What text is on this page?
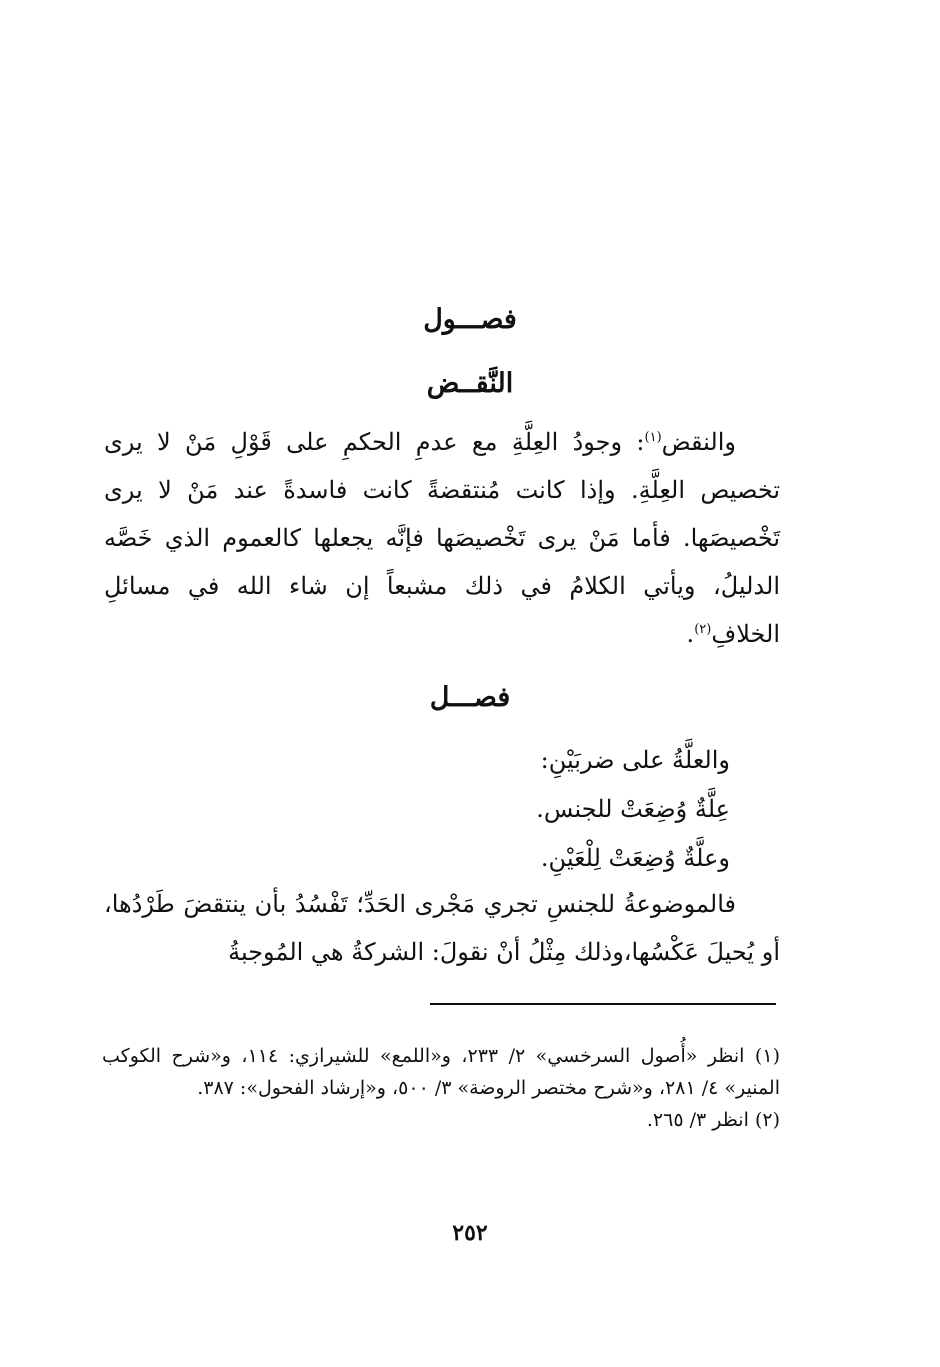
فصـــول
النَّقــض

والنقض$^{(١)}$: وجودُ العِلَّةِ مع عدمِ الحكمِ على قَوْلِ مَنْ لا يرى تخصيص العِلَّةِ. وإذا كانت مُنتقضةً كانت فاسدةً عند مَنْ لا يرى تَخْصيصَها. فأما مَنْ يرى تَخْصيصَها فإنَّه يجعلها كالعموم الذي خَصَّه الدليلُ، ويأتي الكلامُ في ذلك مشبعاً إن شاء الله في مسائلِ الخلافِ$^{(٢)}$.

فصـــل
والعلَّةُ على ضربَيْنِ:
عِلَّةٌ وُضِعَتْ للجنس.
وعلَّةٌ وُضِعَتْ لِلْعَيْنِ.

فالموضوعةُ للجنسِ تجري مَجْرى الحَدِّ؛ تَفْسُدُ بأن ينتقضَ طَرْدُها، أو يُحيلَ عَكْسُها،وذلك مِثْلُ أنْ نقولَ: الشركةُ هي المُوجبةُ

(١) انظر «أُصول السرخسي» ٢/ ٢٣٣، و«اللمع» للشيرازي: ١١٤، و«شرح الكوكب المنير» ٤/ ٢٨١، و«شرح مختصر الروضة» ٣/ ٥٠٠، و«إرشاد الفحول»: ٣٨٧.

(٢) انظر ٣/ ٢٦٥.

٢٥٢
